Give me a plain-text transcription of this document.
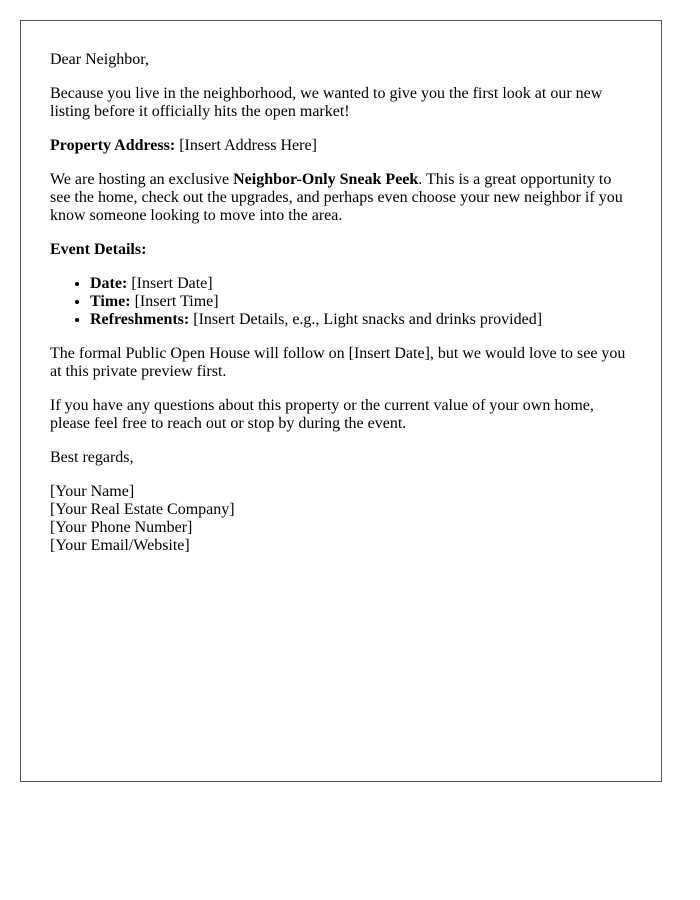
Dear Neighbor,

Because you live in the neighborhood, we wanted to give you the first look at our new listing before it officially hits the open market!

Property Address: [Insert Address Here]

We are hosting an exclusive Neighbor-Only Sneak Peek. This is a great opportunity to see the home, check out the upgrades, and perhaps even choose your new neighbor if you know someone looking to move into the area.

Event Details:

• Date: [Insert Date]
• Time: [Insert Time]
• Refreshments: [Insert Details, e.g., Light snacks and drinks provided]

The formal Public Open House will follow on [Insert Date], but we would love to see you at this private preview first.

If you have any questions about this property or the current value of your own home, please feel free to reach out or stop by during the event.

Best regards,

[Your Name]
[Your Real Estate Company]
[Your Phone Number]
[Your Email/Website]
